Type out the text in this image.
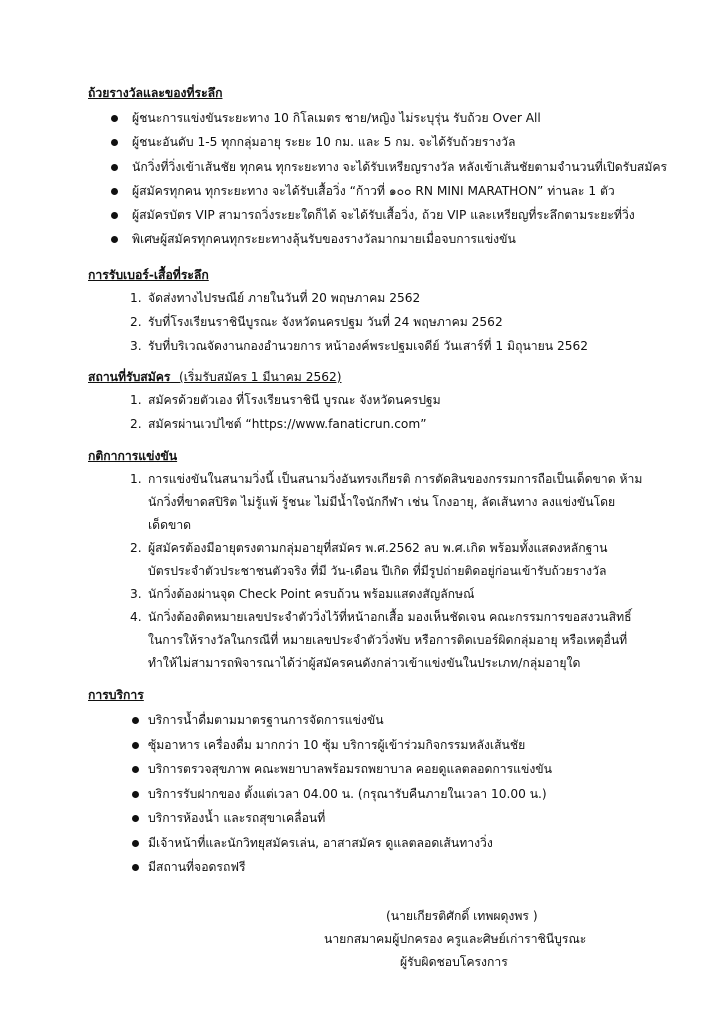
ถ้วยรางวัลและของที่ระลึก
ผู้ชนะการแข่งขันระยะทาง 10 กิโลเมตร ชาย/หญิง ไม่ระบุรุ่น รับถ้วย Over All
ผู้ชนะอันดับ 1-5 ทุกกลุ่มอายุ ระยะ 10 กม. และ 5 กม. จะได้รับถ้วยรางวัล
นักวิ่งที่วิ่งเข้าเส้นชัย ทุกคน ทุกระยะทาง จะได้รับเหรียญรางวัล หลังเข้าเส้นชัยตามจำนวนที่เปิดรับสมัคร
ผู้สมัครทุกคน ทุกระยะทาง จะได้รับเสื้อวิ่ง “ก้าวที่ ๑๐๐ RN MINI MARATHON” ท่านละ 1 ตัว
ผู้สมัครบัตร VIP สามารถวิ่งระยะใดก็ได้ จะได้รับเสื้อวิ่ง, ถ้วย VIP และเหรียญที่ระลึกตามระยะที่วิ่ง
พิเศษผู้สมัครทุกคนทุกระยะทางลุ้นรับของรางวัลมากมายเมื่อจบการแข่งขัน
การรับเบอร์-เสื้อที่ระลึก
1. จัดส่งทางไปรษณีย์ ภายในวันที่ 20 พฤษภาคม 2562
2. รับที่โรงเรียนราชินีบูรณะ จังหวัดนครปฐม วันที่ 24 พฤษภาคม 2562
3. รับที่บริเวณจัดงานกองอำนวยการ หน้าองค์พระปฐมเจดีย์ วันเสาร์ที่ 1 มิถุนายน 2562
สถานที่รับสมัคร (เริ่มรับสมัคร 1 มีนาคม 2562)
1. สมัครด้วยตัวเอง ที่โรงเรียนราชินี บูรณะ จังหวัดนครปฐม
2. สมัครผ่านเวปไซต์ “https://www.fanaticrun.com”
กติกาการแข่งขัน
1. การแข่งขันในสนามวิ่งนี้ เป็นสนามวิ่งอันทรงเกียรติ การตัดสินของกรรมการถือเป็นเด็ดขาด ห้าม
นักวิ่งที่ขาดสปิริต ไม่รู้แพ้ รู้ชนะ ไม่มีน้ำใจนักกีฬา เช่น โกงอายุ, ลัดเส้นทาง ลงแข่งขันโดย
เด็ดขาด
2. ผู้สมัครต้องมีอายุตรงตามกลุ่มอายุที่สมัคร พ.ศ.2562 ลบ พ.ศ.เกิด พร้อมทั้งแสดงหลักฐาน
บัตรประจำตัวประชาชนตัวจริง ที่มี วัน-เดือน ปีเกิด ที่มีรูปถ่ายติดอยู่ก่อนเข้ารับถ้วยรางวัล
3. นักวิ่งต้องผ่านจุด Check Point ครบถ้วน พร้อมแสดงสัญลักษณ์
4. นักวิ่งต้องติดหมายเลขประจำตัววิ่งไว้ที่หน้าอกเสื้อ มองเห็นชัดเจน คณะกรรมการขอสงวนสิทธิ์
ในการให้รางวัลในกรณีที่ หมายเลขประจำตัววิ่งพับ หรือการติดเบอร์ผิดกลุ่มอายุ หรือเหตุอื่นที่
ทำให้ไม่สามารถพิจารณาได้ว่าผู้สมัครคนดังกล่าวเข้าแข่งขันในประเภท/กลุ่มอายุใด
การบริการ
บริการน้ำดื่มตามมาตรฐานการจัดการแข่งขัน
ซุ้มอาหาร เครื่องดื่ม มากกว่า 10 ซุ้ม บริการผู้เข้าร่วมกิจกรรมหลังเส้นชัย
บริการตรวจสุขภาพ คณะพยาบาลพร้อมรถพยาบาล คอยดูแลตลอดการแข่งขัน
บริการรับฝากของ ตั้งแต่เวลา 04.00 น. (กรุณารับคืนภายในเวลา 10.00 น.)
บริการห้องน้ำ และรถสุขาเคลื่อนที่
มีเจ้าหน้าที่และนักวิทยุสมัครเล่น, อาสาสมัคร ดูแลตลอดเส้นทางวิ่ง
มีสถานที่จอดรถฟรี
(นายเกียรติศักดิ์ เทพผดุงพร )
นายกสมาคมผู้ปกครอง ครูและศิษย์เก่าราชินีบูรณะ
ผู้รับผิดชอบโครงการ
